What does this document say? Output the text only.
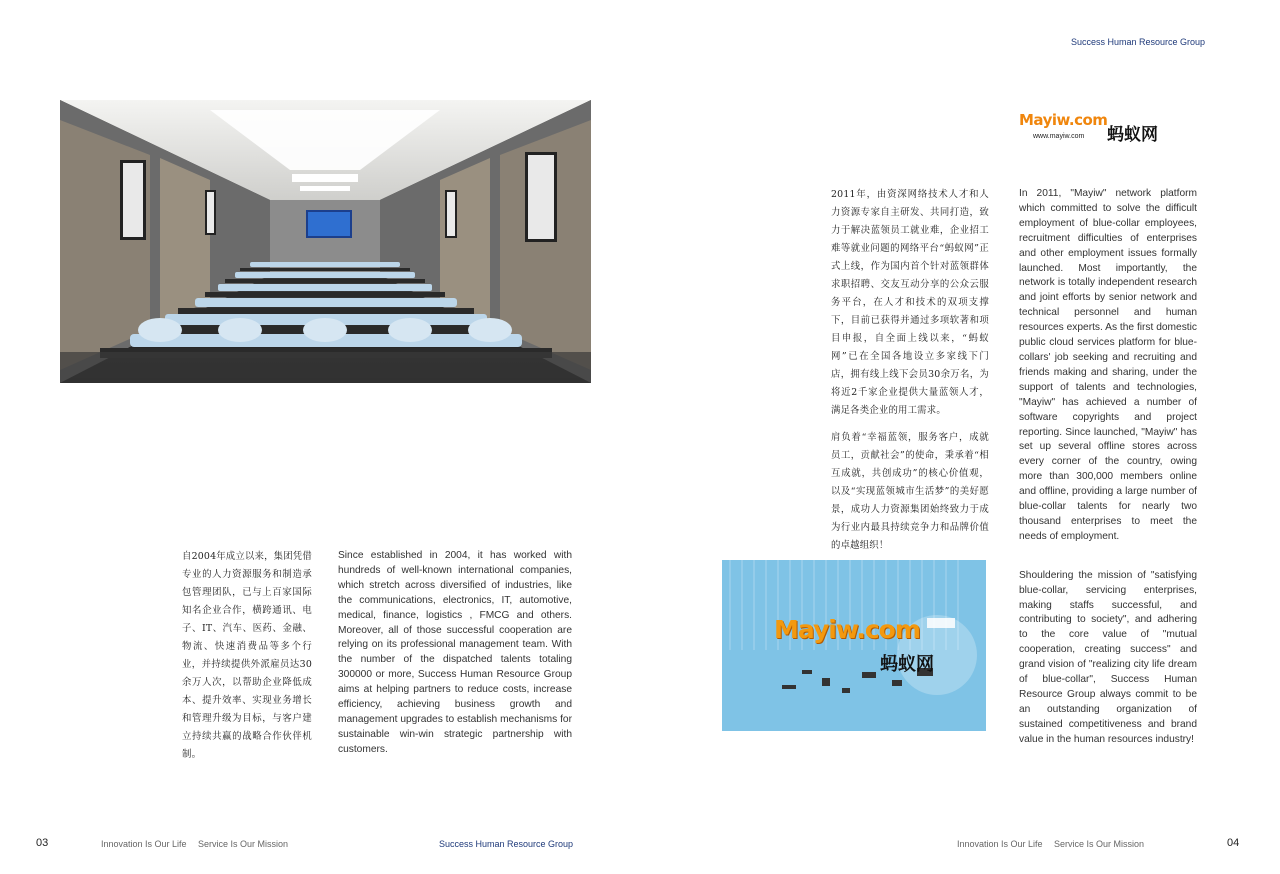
Success Human Resource Group
Mayiw.com
蚂蚁网
www.mayiw.com

2011年，由资深网络技术人才和人力资源专家自主研发、共同打造，致力于解决蓝领员工就业难，企业招工难等就业问题的网络平台“蚂蚁网”正式上线，作为国内首个针对蓝领群体求职招聘、交友互动分享的公众云服务平台，在人才和技术的双项支撑下，目前已获得并通过多项软著和项目申报，自全面上线以来，“蚂蚁网”已在全国各地设立多家线下门店，拥有线上线下会员30余万名，为将近2千家企业提供大量蓝领人才，满足各类企业的用工需求。

肩负着“幸福蓝领，服务客户，成就员工，贡献社会”的使命，秉承着“相互成就，共创成功”的核心价值观，以及“实现蓝领城市生活梦”的美好愿景，成功人力资源集团始终致力于成为行业内最具持续竞争力和品牌价值的卓越组织！

In 2011, "Mayiw" network platform which committed to solve the difficult employment of blue-collar employees, recruitment difficulties of enterprises and other employment issues formally launched. Most importantly, the network is totally independent research and joint efforts by senior network and technical personnel and human resources experts. As the first domestic public cloud services platform for blue-collars' job seeking and recruiting and friends making and sharing, under the support of talents and technologies, "Mayiw" has achieved a number of software copyrights and project reporting. Since launched, "Mayiw" has set up several offline stores across every corner of the country, owing more than 300,000 members online and offline, providing a large number of blue-collar talents for nearly two thousand enterprises to meet the needs of employment.

Shouldering the mission of "satisfying blue-collar, servicing enterprises, making staffs successful, and contributing to society", and adhering to the core value of "mutual cooperation, creating success" and grand vision of "realizing city life dream of blue-collar", Success Human Resource Group always commit to be an outstanding organization of sustained competitiveness and brand value in the human resources industry!

Mayiw.com
蚂蚁网

自2004年成立以来，集团凭借专业的人力资源服务和制造承包管理团队，已与上百家国际知名企业合作，横跨通讯、电子、IT、汽车、医药、金融、物流、快速消费品等多个行业，并持续提供外派雇员达30余万人次，以帮助企业降低成本、提升效率、实现业务增长和管理升级为目标，与客户建立持续共赢的战略合作伙伴机制。

Since established in 2004, it has worked with hundreds of well-known international companies, which stretch across diversified of industries, like the communications, electronics, IT, automotive, medical, finance, logistics , FMCG and others. Moreover, all of those successful cooperation are relying on its professional management team. With the number of the dispatched talents totaling 300000 or more, Success Human Resource Group aims at helping partners to reduce costs, increase efficiency, achieving business growth and management upgrades to establish mechanisms for sustainable win-win strategic partnership with customers.

03	Innovation Is Our Life Service Is Our Mission	Success Human Resource Group	Innovation Is Our Life Service Is Our Mission	04
